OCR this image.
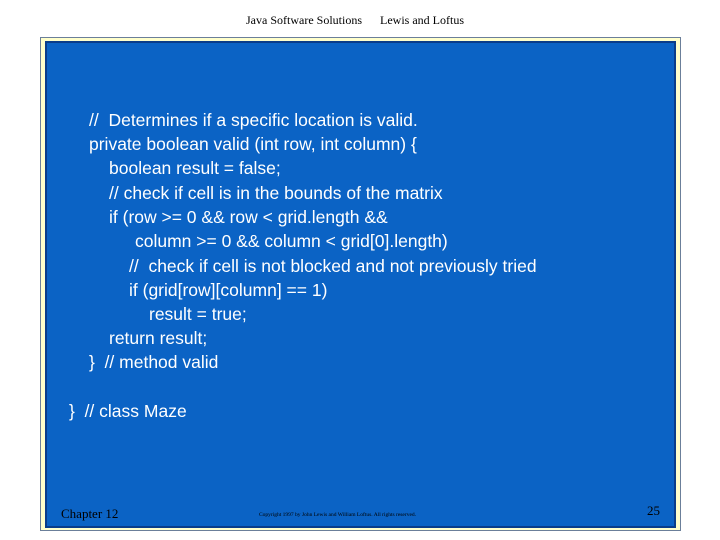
Java Software Solutions Lewis and Loftus
//  Determines if a specific location is valid.
private boolean valid (int row, int column) {
boolean result = false;
// check if cell is in the bounds of the matrix
if (row >= 0 && row < grid.length &&
column >= 0 && column < grid[0].length)
//  check if cell is not blocked and not previously tried
if (grid[row][column] == 1)
result = true;
return result;
}  // method valid
}  // class Maze
Chapter 12	Copyright 1997 by John Lewis and William Loftus. All rights reserved.	25
